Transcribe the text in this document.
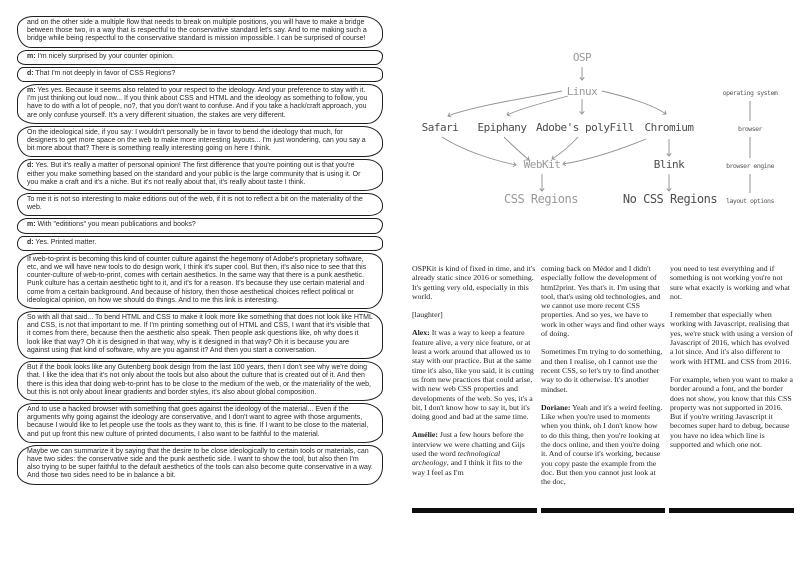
and on the other side a multiple flow that needs to break on multiple positions, you will have to make a bridge between those two, in a way that is respectful to the conservative standard let's say. And to me making such a bridge while being respectful to the conservative standard is mission impossible. I can be surprised of course!
m: I'm nicely surprised by your counter opinion.
d: That I'm not deeply in favor of CSS Regions?
m: Yes yes. Because it seems also related to your respect to the ideology. And your preference to stay with it. I'm just thinking out loud now... If you think about CSS and HTML and the ideology as something to follow, you have to do with a lot of people, no?, that you don't want to confuse. And if you take a hack/craft approach, you are only confuse yourself. It's a very different situation, the stakes are very different.
On the ideological side, if you say: I wouldn't personally be in favor to bend the ideology that much, for designers to get more space on the web to make more interesting layouts... I'm just wondering, can you say a bit more about that? There is something really interesting going on here I think.
d: Yes. But it's really a matter of personal opinion! The first difference that you're pointing out is that you're either you make something based on the standard and your public is the large community that is using it. Or you make a craft and it's a niche. But it's not really about that, it's really about taste I think.
To me it is not so interesting to make editions out of the web, if it is not to reflect a bit on the materiality of the web.
m: With "edititions" you mean publications and books?
d: Yes. Printed matter.
If web-to-print is becoming this kind of counter culture against the hegemony of Adobe's proprietary software, etc, and we will have new tools to do design work, I think it's super cool. But then, it's also nice to see that this counter-culture of web-to-print, comes with certain aesthetics. In the same way that there is a punk aesthetic. Punk culture has a certain aesthetic tight to it, and it's for a reason. It's because they use certain material and come from a certain background. And because of history, then those aesthetical choices reflect political or ideological opinion, on how we should do things. And to me this link is interesting.
So with all that said... To bend HTML and CSS to make it look more like something that does not look like HTML and CSS, is not that important to me. If I'm printing something out of HTML and CSS, I want that it's visible that it comes from there, because then the aesthetic also speak. Then people ask questions like, oh why does it look like that way? Oh it is designed in that way, why is it designed in that way? Oh it is because you are against using that kind of software, why are you against it? And then you start a conversation.
But if the book looks like any Gutenberg book design from the last 100 years, then I don't see why we're doing that. I like the idea that it's not only about the tools but also about the culture that is created out of it. And then there is this idea that doing web-to-print has to be close to the medium of the web, or the materiality of the web, but this is not only about linear gradients and border styles, it's also about global composition.
And to use a hacked browser with something that goes against the ideology of the material... Even if the arguments why going against the ideology are conservative, and I don't want to agree with those arguments, because I would like to let people use the tools as they want to, this is fine. If I want to be close to the material, and put up front this new culture of printed documents, I also want to be faithful to the material.
Maybe we can summarize it by saying that the desire to be close ideologically to certain tools or materials, can have two sides: the conservative side and the punk aesthetic side. I want to show the tool, but also then I'm also trying to be super faithful to the default aesthetics of the tools can also become quite conservative in a way. And those two sides need to be in balance a bit.
OSP
Linux
Safari Epiphany Adobe's polyFill Chromium
WebKit	Blink
CSS Regions	No CSS Regions
operating system
browser
browser engine
layout options

OSPKit is kind of fixed in time, and it's already static since 2016 or something. It's getting very old, especially in this world.

[laughter]

Alex: It was a way to keep a feature feature alive, a very nice feature, or at least a work around that allowed us to stay with our practice. But at the same time it's also, like you said, it is cutting us from new practices that could arise, with new web CSS properties and developments of the web. So yes, it's a bit, I don't know how to say it, but it's doing good and bad at the same time.

Amélie: Just a few hours before the interview we were chatting and Gijs used the word technological archeology, and I think it fits to the way I feel as I'm

coming back on Médor and I didn't especially follow the development of html2print. Yes that's it. I'm using that tool, that's using old technologies, and we cannot use more recent CSS properties. And so yes, we have to work in other ways and find other ways of doing.

Sometimes I'm trying to do something, and then I realise, oh I cannot use the recent CSS, so let's try to find another way to do it otherwise. It's another mindset.

Doriane: Yeah and it's a weird feeling. Like when you're used to moments when you think, oh I don't know how to do this thing, then you're looking at the docs online, and then you're doing it. And of course it's working, because you copy paste the example from the doc. But then you cannot just look at the doc,

you need to test everything and if something is not working you're not sure what exactly is working and what not.

I remember that especially when working with Javascript, realising that yes, we're stuck with using a version of Javascript of 2016, which has evolved a lot since. And it's also different to work with HTML and CSS from 2016.

For example, when you want to make a border around a font, and the border does not show, you know that this CSS property was not supported in 2016. But if you're writing Javascript it becomes super hard to debug, because you have no idea which line is supported and which one not.
